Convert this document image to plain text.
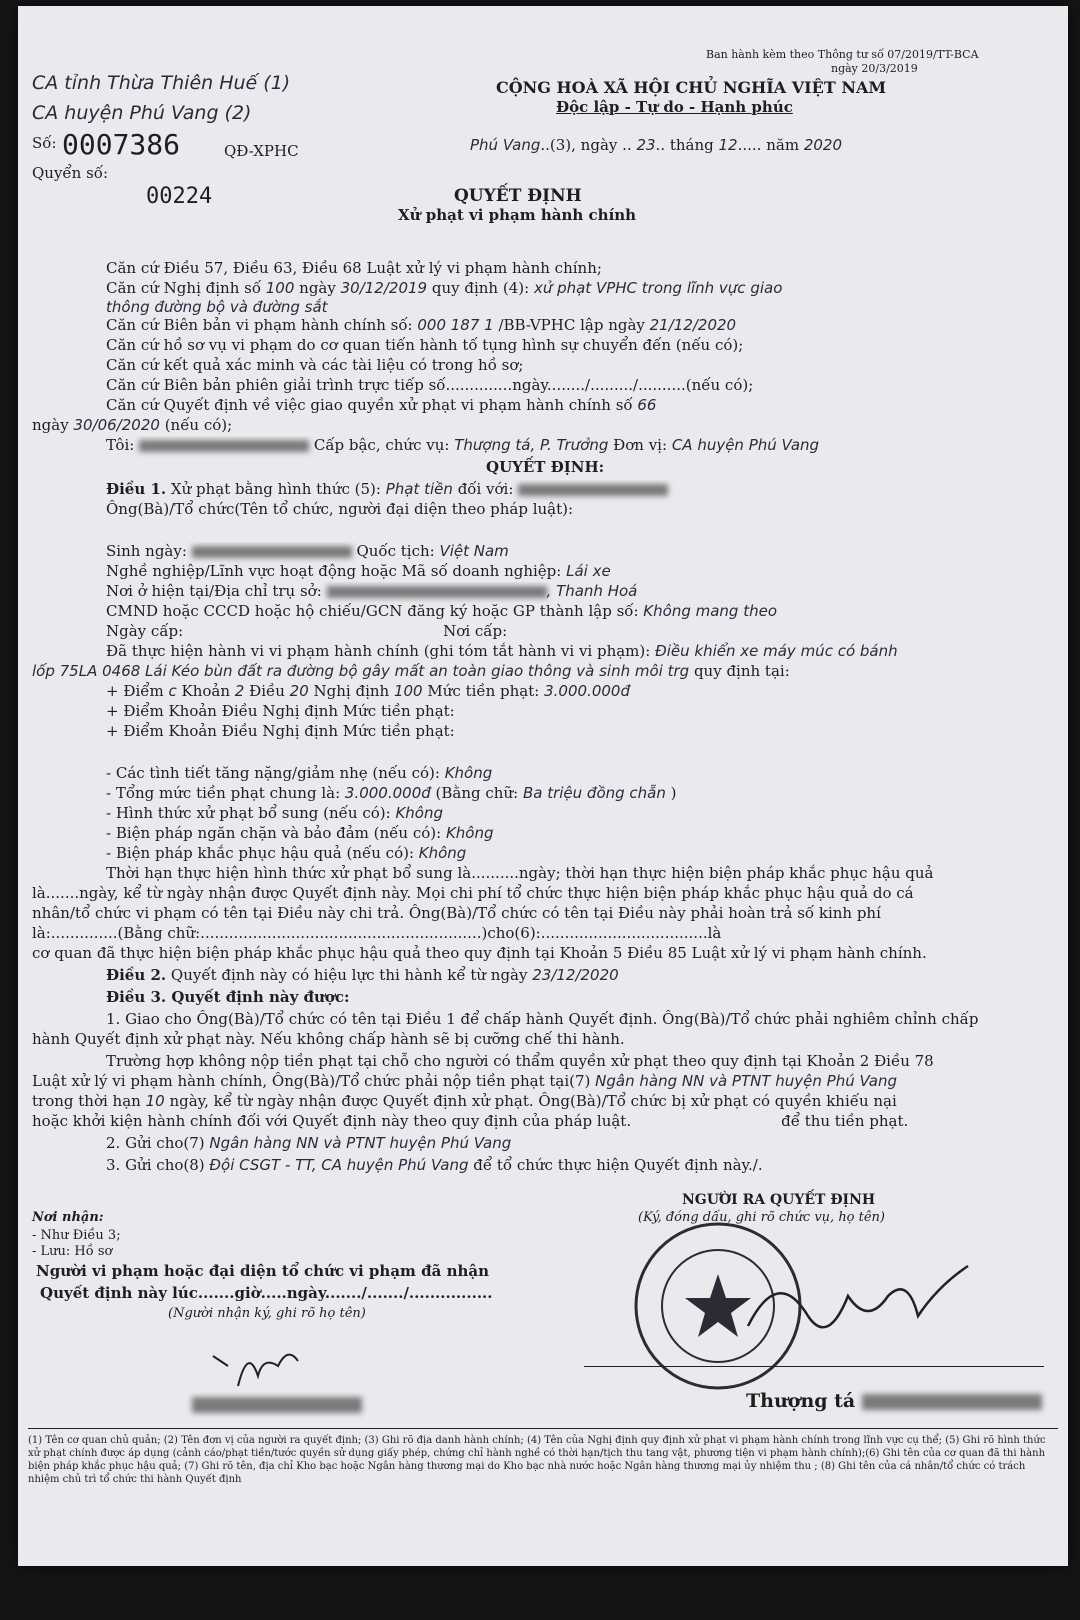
Ban hành kèm theo Thông tư số 07/2019/TT-BCA
ngày 20/3/2019
CA tỉnh Thừa Thiên Huế (1)
CA huyện Phú Vang (2)
Số: 0007386	QĐ-XPHC
Quyển số:
00224
CỘNG HOÀ XÃ HỘI CHỦ NGHĨA VIỆT NAM
Độc lập - Tự do - Hạnh phúc
Phú Vang..(3), ngày .. 23.. tháng 12..... năm 2020
QUYẾT ĐỊNH
Xử phạt vi phạm hành chính
Căn cứ Điều 57, Điều 63, Điều 68 Luật xử lý vi phạm hành chính;
Căn cứ Nghị định số 100 ngày 30/12/2019 quy định (4): xử phạt VPHC trong lĩnh vực giao
thông đường bộ và đường sắt
Căn cứ Biên bản vi phạm hành chính số: 000 187 1 /BB-VPHC lập ngày 21/12/2020
Căn cứ hồ sơ vụ vi phạm do cơ quan tiến hành tố tụng hình sự chuyển đến (nếu có);
Căn cứ kết quả xác minh và các tài liệu có trong hồ sơ;
Căn cứ Biên bản phiên giải trình trực tiếp số..............ngày......../........./..........(nếu có);
Căn cứ Quyết định về việc giao quyền xử phạt vi phạm hành chính số 66
ngày 30/06/2020 (nếu có);
Tôi:	Cấp bậc, chức vụ: Thượng tá, P. Trưởng Đơn vị: CA huyện Phú Vang
QUYẾT ĐỊNH:
Điều 1. Xử phạt bằng hình thức (5): Phạt tiền đối với:
Ông(Bà)/Tổ chức(Tên tổ chức, người đại diện theo pháp luật):
Sinh ngày:	Quốc tịch: Việt Nam
Nghề nghiệp/Lĩnh vực hoạt động hoặc Mã số doanh nghiệp: Lái xe
Nơi ở hiện tại/Địa chỉ trụ sở:	, Thanh Hoá
CMND hoặc CCCD hoặc hộ chiếu/GCN đăng ký hoặc GP thành lập số: Không mang theo
Ngày cấp:	Nơi cấp:
Đã thực hiện hành vi vi phạm hành chính (ghi tóm tắt hành vi vi phạm): Điều khiển xe máy múc có bánh
lốp 75LA 0468 Lái Kéo bùn đất ra đường bộ gây mất an toàn giao thông và sinh môi trg quy định tại:
+ Điểm c Khoản 2 Điều 20 Nghị định 100 Mức tiền phạt: 3.000.000đ
+ Điểm Khoản Điều Nghị định Mức tiền phạt:
+ Điểm Khoản Điều Nghị định Mức tiền phạt:
- Các tình tiết tăng nặng/giảm nhẹ (nếu có): Không
- Tổng mức tiền phạt chung là: 3.000.000đ (Bằng chữ: Ba triệu đồng chẵn )
- Hình thức xử phạt bổ sung (nếu có): Không
- Biện pháp ngăn chặn và bảo đảm (nếu có): Không
- Biện pháp khắc phục hậu quả (nếu có): Không
Thời hạn thực hiện hình thức xử phạt bổ sung là..........ngày; thời hạn thực hiện biện pháp khắc phục hậu quả
là.......ngày, kể từ ngày nhận được Quyết định này. Mọi chi phí tổ chức thực hiện biện pháp khắc phục hậu quả do cá
nhân/tổ chức vi phạm có tên tại Điều này chi trả. Ông(Bà)/Tổ chức có tên tại Điều này phải hoàn trả số kinh phí
là:..............(Bằng chữ:...........................................................)cho(6):...................................là
cơ quan đã thực hiện biện pháp khắc phục hậu quả theo quy định tại Khoản 5 Điều 85 Luật xử lý vi phạm hành chính.
Điều 2. Quyết định này có hiệu lực thi hành kể từ ngày 23/12/2020
Điều 3. Quyết định này được:
1. Giao cho Ông(Bà)/Tổ chức có tên tại Điều 1 để chấp hành Quyết định. Ông(Bà)/Tổ chức phải nghiêm chỉnh chấp
hành Quyết định xử phạt này. Nếu không chấp hành sẽ bị cưỡng chế thi hành.
Trường hợp không nộp tiền phạt tại chỗ cho người có thẩm quyền xử phạt theo quy định tại Khoản 2 Điều 78
Luật xử lý vi phạm hành chính, Ông(Bà)/Tổ chức phải nộp tiền phạt tại(7) Ngân hàng NN và PTNT huyện Phú Vang
trong thời hạn 10 ngày, kể từ ngày nhận được Quyết định xử phạt. Ông(Bà)/Tổ chức bị xử phạt có quyền khiếu nại
hoặc khởi kiện hành chính đối với Quyết định này theo quy định của pháp luật.	để thu tiền phạt.
2. Gửi cho(7) Ngân hàng NN và PTNT huyện Phú Vang
3. Gửi cho(8) Đội CSGT - TT, CA huyện Phú Vang để tổ chức thực hiện Quyết định này./.
NGƯỜI RA QUYẾT ĐỊNH
(Ký, đóng dấu, ghi rõ chức vụ, họ tên)
Nơi nhận:
- Như Điều 3;
- Lưu: Hồ sơ
Người vi phạm hoặc đại diện tổ chức vi phạm đã nhận
Quyết định này lúc.......giờ.....ngày......./......./................
(Người nhận ký, ghi rõ họ tên)
Thượng tá
(1) Tên cơ quan chủ quản; (2) Tên đơn vị của người ra quyết định; (3) Ghi rõ địa danh hành chính; (4) Tên của Nghị định quy định xử phạt vi phạm hành chính trong lĩnh vực cụ thể; (5) Ghi rõ hình thức xử phạt chính được áp dụng (cảnh cáo/phạt tiền/tước quyền sử dụng giấy phép, chứng chỉ hành nghề có thời hạn/tịch thu tang vật, phương tiện vi phạm hành chính);(6) Ghi tên của cơ quan đã thi hành biện pháp khắc phục hậu quả; (7) Ghi rõ tên, địa chỉ Kho bạc hoặc Ngân hàng thương mại do Kho bạc nhà nước hoặc Ngân hàng thương mại ủy nhiệm thu ; (8) Ghi tên của cá nhân/tổ chức có trách nhiệm chủ trì tổ chức thi hành Quyết định
